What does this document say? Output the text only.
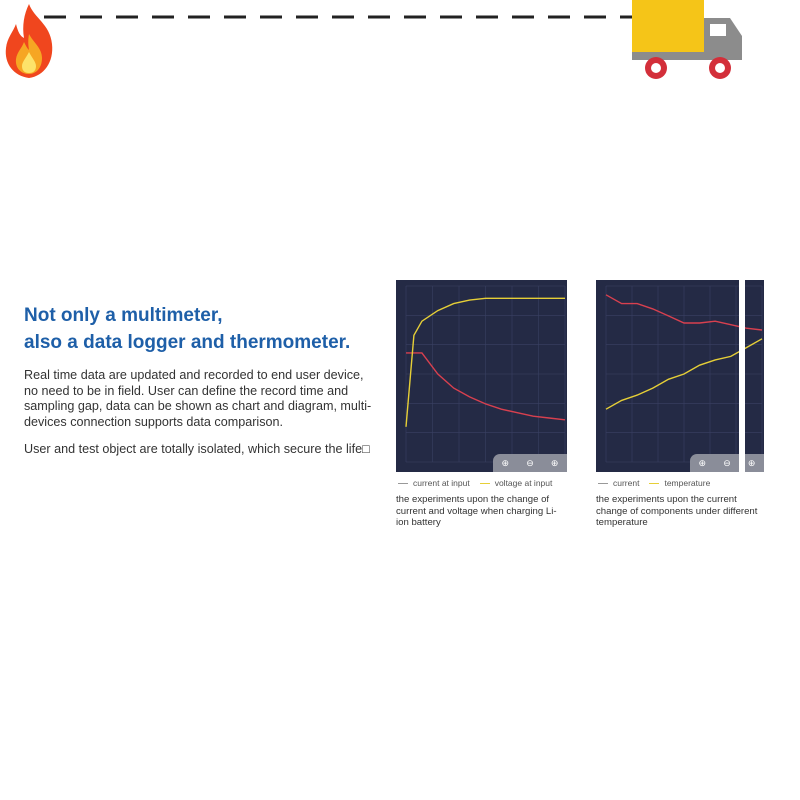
Not only a multimeter,
also a data logger and thermometer.

Real time data are updated and recorded to end user device, no need to be in field. User can define the record time and sampling gap, data can be shown as chart and diagram, multi-devices connection supports data comparison.

User and test object are totally isolated, which secure the life□

⊕ ⊖ ⊕
current at input	voltage at input
the experiments upon the change of current and voltage when charging Li-ion battery
⊕ ⊖ ⊕
current	temperature
the experiments upon the current change of components under different temperature
